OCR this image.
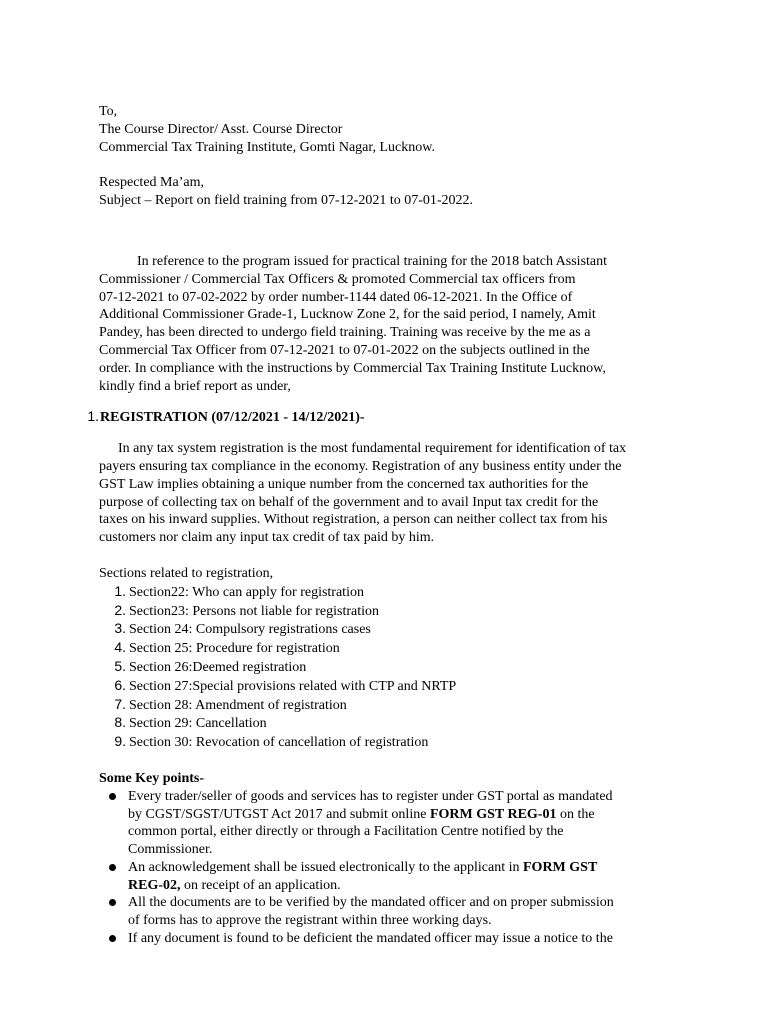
To,
The Course Director/ Asst. Course Director
Commercial Tax Training Institute, Gomti Nagar, Lucknow.
Respected Ma’am,
Subject – Report on field training from 07-12-2021 to 07-01-2022.
In reference to the program issued for practical training for the 2018 batch Assistant
Commissioner / Commercial Tax Officers & promoted Commercial tax officers from
07-12-2021 to 07-02-2022 by order number-1144 dated 06-12-2021. In the Office of
Additional Commissioner Grade-1, Lucknow Zone 2, for the said period, I namely, Amit
Pandey, has been directed to undergo field training. Training was receive by the me as a
Commercial Tax Officer from 07-12-2021 to 07-01-2022 on the subjects outlined in the
order. In compliance with the instructions by Commercial Tax Training Institute Lucknow,
kindly find a brief report as under,
1. REGISTRATION (07/12/2021 - 14/12/2021)-
In any tax system registration is the most fundamental requirement for identification of tax
payers ensuring tax compliance in the economy. Registration of any business entity under the
GST Law implies obtaining a unique number from the concerned tax authorities for the
purpose of collecting tax on behalf of the government and to avail Input tax credit for the
taxes on his inward supplies. Without registration, a person can neither collect tax from his
customers nor claim any input tax credit of tax paid by him.
Sections related to registration,
1. Section22: Who can apply for registration
2. Section23: Persons not liable for registration
3. Section 24: Compulsory registrations cases
4. Section 25: Procedure for registration
5. Section 26:Deemed registration
6. Section 27:Special provisions related with CTP and NRTP
7. Section 28: Amendment of registration
8. Section 29: Cancellation
9. Section 30: Revocation of cancellation of registration
Some Key points-
Every trader/seller of goods and services has to register under GST portal as mandated
by CGST/SGST/UTGST Act 2017 and submit online FORM GST REG-01 on the
common portal, either directly or through a Facilitation Centre notified by the
Commissioner.
An acknowledgement shall be issued electronically to the applicant in FORM GST
REG-02, on receipt of an application.
All the documents are to be verified by the mandated officer and on proper submission
of forms has to approve the registrant within three working days.
If any document is found to be deficient the mandated officer may issue a notice to the
